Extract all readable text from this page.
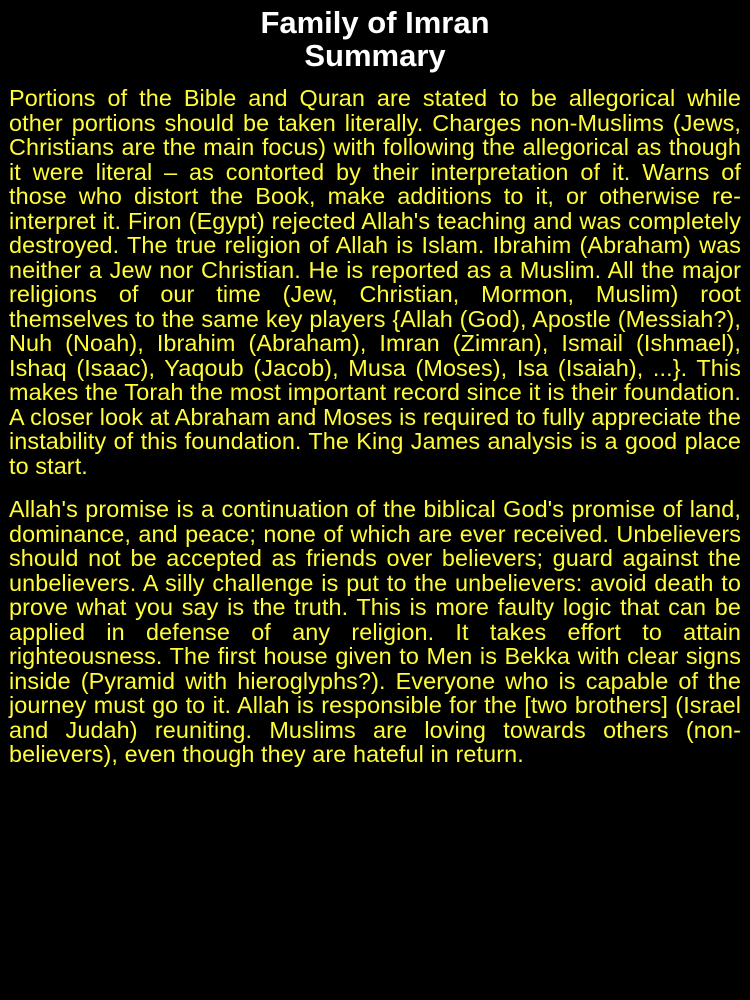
Family of Imran
Summary

Portions of the Bible and Quran are stated to be allegorical while other portions should be taken literally. Charges non-Muslims (Jews, Christians are the main focus) with following the allegorical as though it were literal – as contorted by their interpretation of it. Warns of those who distort the Book, make additions to it, or otherwise re-interpret it. Firon (Egypt) rejected Allah's teaching and was completely destroyed. The true religion of Allah is Islam. Ibrahim (Abraham) was neither a Jew nor Christian. He is reported as a Muslim. All the major religions of our time (Jew, Christian, Mormon, Muslim) root themselves to the same key players {Allah (God), Apostle (Messiah?), Nuh (Noah), Ibrahim (Abraham), Imran (Zimran), Ismail (Ishmael), Ishaq (Isaac), Yaqoub (Jacob), Musa (Moses), Isa (Isaiah), ...}. This makes the Torah the most important record since it is their foundation. A closer look at Abraham and Moses is required to fully appreciate the instability of this foundation. The King James analysis is a good place to start.

Allah's promise is a continuation of the biblical God's promise of land, dominance, and peace; none of which are ever received. Unbelievers should not be accepted as friends over believers; guard against the unbelievers. A silly challenge is put to the unbelievers: avoid death to prove what you say is the truth. This is more faulty logic that can be applied in defense of any religion. It takes effort to attain righteousness. The first house given to Men is Bekka with clear signs inside (Pyramid with hieroglyphs?). Everyone who is capable of the journey must go to it. Allah is responsible for the [two brothers] (Israel and Judah) reuniting. Muslims are loving towards others (non-believers), even though they are hateful in return.
